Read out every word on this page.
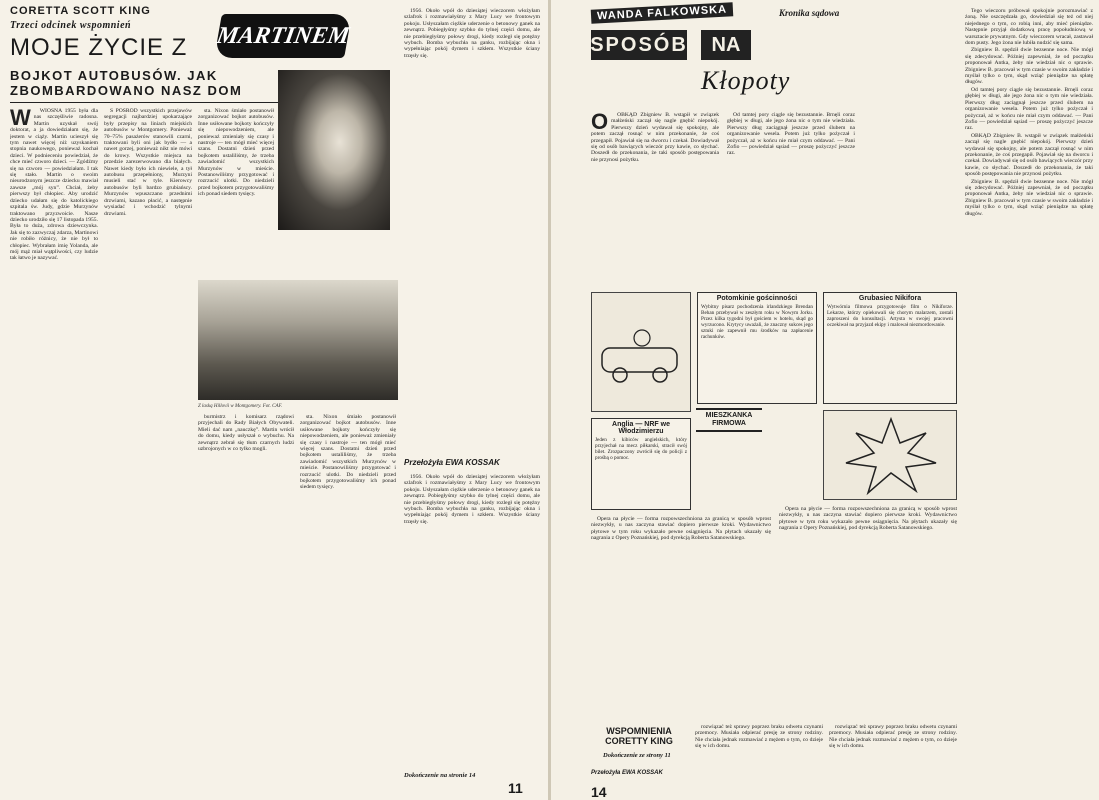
CORETTA SCOTT KING
Trzeci odcinek wspomnień
MOJE ŻYCIE Z MARTINEM
BOJKOT AUTOBUSÓW. JAK ZBOMBARDOWANO NASZ DOM
W	WIOSNA 1955 była dla nas szczęśliwie radosna. Martin uzyskał swój doktorat, a ja dowiedziałam się, że jestem w ciąży. Martin ucieszył się tym nawet więcej niż uzyskaniem stopnia naukowego, ponieważ kochał dzieci. W podnieceniu powiedział, że chce mieć czworo dzieci. — Zgódźmy się na czworo — powiedziałam. I tak się stało. Martin o swoim nieurodzonym jeszcze dziecku mawiał zawsze „mój syn”. Chciał, żeby pierwszy był chłopiec. Aby urodzić dziecko udałam się do katolickiego szpitala św. Judy, gdzie Murzynów traktowano przyzwoicie. Nasze dziecko urodziło się 17 listopada 1955. Była to duża, zdrowa dziewczynka. Jak się to zazwyczaj zdarza, Martinowi nie robiło różnicy, że nie był to chłopiec. Wybrałam imię Yolanda, ale mój mąż miał wątpliwości, czy ludzie tak łatwo je nazywać.

S POŚRÓD wszystkich przejawów segregacji najbardziej upokarzające były przepisy na liniach miejskich autobusów w Montgomery. Ponieważ 70–75% pasażerów stanowili czarni, traktowani byli oni jak bydło — a nawet gorzej, ponieważ nikt nie mówi do krowy. Wszystkie miejsca na przedzie zarezerwowano dla białych. Nawet kiedy było ich niewiele, a tył autobusu przepełniony, Murzyni musieli stać w tyle. Kierowcy autobusów byli bardzo grubiańscy. Murzynów wpuszczano przednimi drzwiami, kazano płacić, a następnie wysiadać i wchodzić tylnymi drzwiami.

sta. Nixon śmiało postanowił zorganizować bojkot autobusów. Inne usiłowane bojkoty kończyły się niepowodzeniem, ale ponieważ zmieniały się czasy i nastroje — ten mógł mieć więcej szans. Dostatni dzień przed bojkotem ustaliliśmy, że trzeba zawiadomić wszystkich Murzynów w mieście. Postanowiliśmy przygotować i rozrzucić ulotki. Do niedzieli przed bojkotem przygotowaliśmy ich ponad siedem tysięcy.

Z laską Hillovii w Montgomery. Fot. CAF.

burmistrz i komisarz rządowi przyjechali do Rady Białych Obywateli. Mieli dać nam „nauczkę”. Martin wrócił do domu, kiedy usłyszał o wybuchu. Na zewnątrz zebrał się tłum czarnych ludzi uzbrojonych w co tylko mogli.

sta. Nixon śmiało postanowił zorganizować bojkot autobusów. Inne usiłowane bojkoty kończyły się niepowodzeniem, ale ponieważ zmieniały się czasy i nastroje — ten mógł mieć więcej szans. Dostatni dzień przed bojkotem ustaliliśmy, że trzeba zawiadomić wszystkich Murzynów w mieście. Postanowiliśmy przygotować i rozrzucić ulotki. Do niedzieli przed bojkotem przygotowaliśmy ich ponad siedem tysięcy.

1956. Około wpół do dziesiątej wieczorem włożyłam szlafrok i rozmawiałyśmy z Mary Lucy we frontowym pokoju. Usłyszałam ciężkie uderzenie o betonowy ganek na zewnątrz. Pobiegłyśmy szybko do tylnej części domu, ale nie przebiegłyśmy połowy drogi, kiedy rozległ się potężny wybuch. Bomba wybuchła na ganku, rozbijając okna i wypełniając pokój dymem i szkłem. Wszystkie ściany trzęsły się.

Przełożyła EWA KOSSAK

1956. Około wpół do dziesiątej wieczorem włożyłam szlafrok i rozmawiałyśmy z Mary Lucy we frontowym pokoju. Usłyszałam ciężkie uderzenie o betonowy ganek na zewnątrz. Pobiegłyśmy szybko do tylnej części domu, ale nie przebiegłyśmy połowy drogi, kiedy rozległ się potężny wybuch. Bomba wybuchła na ganku, rozbijając okna i wypełniając pokój dymem i szkłem. Wszystkie ściany trzęsły się.

Dokończenie na stronie 14
11
WANDA FALKOWSKA	Kronika sądowa
SPOSÓB	NA
Kłopoty
O	OBKĄD Zbigniew B. wstąpił w związek małżeński zaczął się nagle gnębić niepokój. Pierwszy dzień wydawał się spokojny, ale potem zaczął rosnąć w nim przekonanie, że coś przegapił. Pojawiał się na dworcu i czekał. Dowiadywał się od osób bawiących wieczór przy kawie, co słychać. Doszedł do przekonania, że taki sposób postępowania nie przynosi pożytku.

Od tamtej pory ciągle się bezustannie. Brnęli coraz głębiej w długi, ale jego żona nic o tym nie wiedziała. Pierwszy dług zaciągnął jeszcze przed ślubem na organizowanie wesela. Potem już tylko pożyczał i pożyczał, aż w końcu nie miał czym oddawać. — Pani Zofio — powiedział sąsiad — proszę pożyczyć jeszcze raz.

Tego wieczoru próbował spokojnie porozmawiać z żoną. Nie oszczędzała go, dowiedział się też od niej niejednego o tym, co robią inni, aby mieć pieniądze. Następnie przyjął dodatkową pracę popołudniową w warsztacie prywatnym. Gdy wieczorem wracał, zastawał dom pusty. Jego żona nie lubiła nudzić się sama.

Zbigniew B. spędził dwie bezsenne noce. Nie mógł się zdecydować. Później zapewniał, że od początku proponował Antka, żeby nie wiedział nic o sprawie. Zbigniew B. pracował w tym czasie w swoim zakładzie i myślał tylko o tym, skąd wziąć pieniądze na spłatę długów.

Od tamtej pory ciągle się bezustannie. Brnęli coraz głębiej w długi, ale jego żona nic o tym nie wiedziała. Pierwszy dług zaciągnął jeszcze przed ślubem na organizowanie wesela. Potem już tylko pożyczał i pożyczał, aż w końcu nie miał czym oddawać. — Pani Zofio — powiedział sąsiad — proszę pożyczyć jeszcze raz.

OBKĄD Zbigniew B. wstąpił w związek małżeński zaczął się nagle gnębić niepokój. Pierwszy dzień wydawał się spokojny, ale potem zaczął rosnąć w nim przekonanie, że coś przegapił. Pojawiał się na dworcu i czekał. Dowiadywał się od osób bawiących wieczór przy kawie, co słychać. Doszedł do przekonania, że taki sposób postępowania nie przynosi pożytku.

Zbigniew B. spędził dwie bezsenne noce. Nie mógł się zdecydować. Później zapewniał, że od początku proponował Antka, żeby nie wiedział nic o sprawie. Zbigniew B. pracował w tym czasie w swoim zakładzie i myślał tylko o tym, skąd wziąć pieniądze na spłatę długów.

Potomkinie gościnności
Wybitny pisarz pochodzenia irlandzkiego Brendan Behan przebywał w zeszłym roku w Nowym Jorku. Przez kilka tygodni był gościem w hotelu, skąd go wyrzucono. Krytycy uważali, że znaczny sukces jego sztuki nie zapewnił mu środków na zapłacenie rachunków.
Grubasiec Nikifora
Wytwórnia filmowa przygotowuje film o Nikiforze. Lekarze, którzy opiekowali się chorym malarzem, zostali zaproszeni do konsultacji. Artysta w swojej pracowni oczekiwał na przyjazd ekipy i malował niezmordowanie.
MIESZKANKA FIRMOWA
Anglia — NRF we Włodzimierzu
Jeden z kibiców angielskich, który przyjechał na mecz piłkarski, stracił swój bilet. Zrozpaczony zwrócił się do policji z prośbą o pomoc.

Opera na płycie — forma rozpowszechniona za granicą w sposób wprost niezwykły, u nas zaczyna stawiać dopiero pierwsze kroki. Wydawnictwo płytowe w tym roku wykazało pewne osiągnięcia. Na płytach ukazały się nagrania z Opery Poznańskiej, pod dyrekcją Roberta Satanowskiego.

Opera na płycie — forma rozpowszechniona za granicą w sposób wprost niezwykły, u nas zaczyna stawiać dopiero pierwsze kroki. Wydawnictwo płytowe w tym roku wykazało pewne osiągnięcia. Na płytach ukazały się nagrania z Opery Poznańskiej, pod dyrekcją Roberta Satanowskiego.

WSPOMNIENIA CORETTY KING
Dokończenie ze strony 11
Przełożyła EWA KOSSAK
14

rozwiązać też sprawy poprzez braku odwetu czynami przemocy. Musiała odpierać presję ze strony rodziny. Nie chciała jednak rozmawiać z mężem o tym, co dzieje się w ich domu.

rozwiązać też sprawy poprzez braku odwetu czynami przemocy. Musiała odpierać presję ze strony rodziny. Nie chciała jednak rozmawiać z mężem o tym, co dzieje się w ich domu.
